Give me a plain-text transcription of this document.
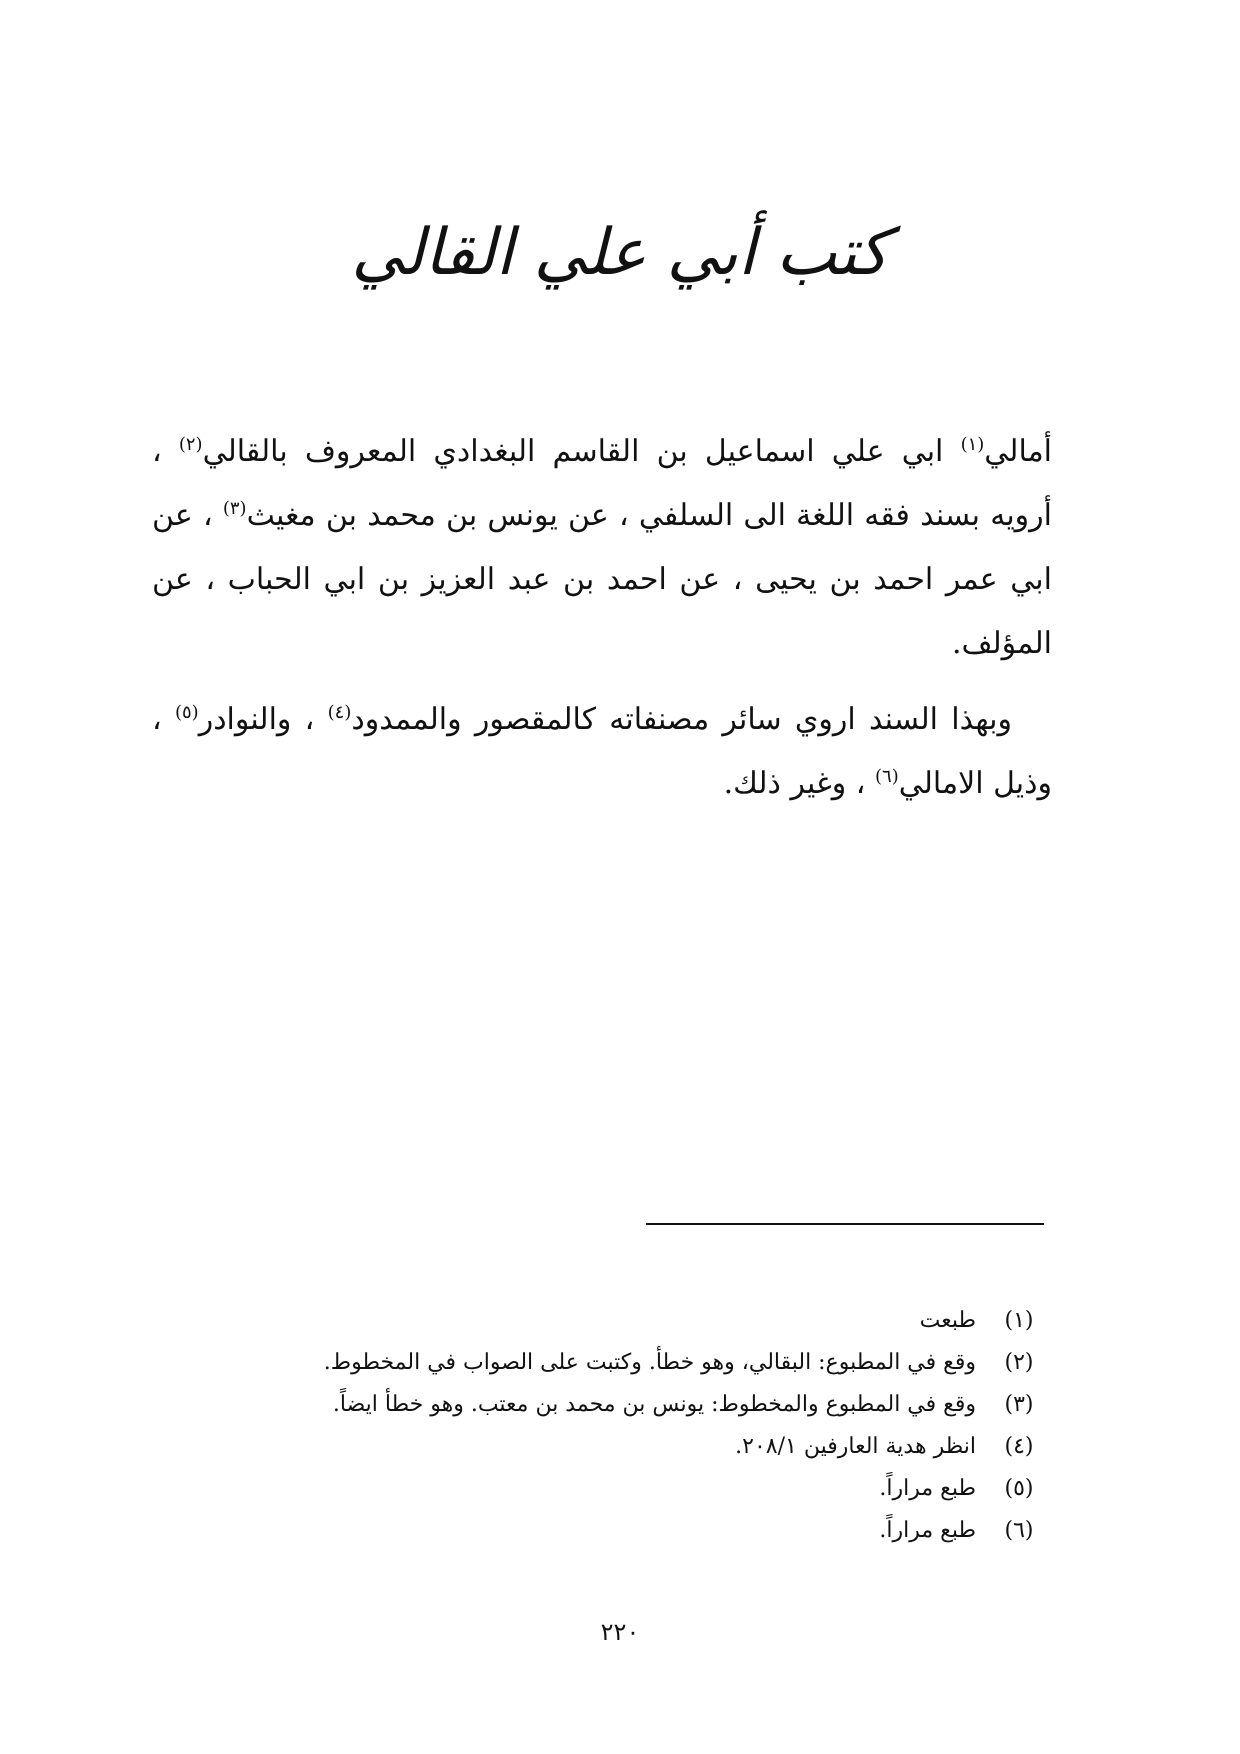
كتب أبي علي القالي

أمالي$^{(١)}$ ابي علي اسماعيل بن القاسم البغدادي المعروف بالقالي$^{(٢)}$ ، أرويه بسند فقه اللغة الى السلفي ، عن يونس بن محمد بن مغيث$^{(٣)}$ ، عن ابي عمر احمد بن يحيى ، عن احمد بن عبد العزيز بن ابي الحباب ، عن المؤلف.

وبهذا السند اروي سائر مصنفاته كالمقصور والممدود$^{(٤)}$ ، والنوادر$^{(٥)}$ ، وذيل الامالي$^{(٦)}$ ، وغير ذلك.

(١)
طبعت
(٢)
وقع في المطبوع: البقالي، وهو خطأ. وكتبت على الصواب في المخطوط.
(٣)
وقع في المطبوع والمخطوط: يونس بن محمد بن معتب. وهو خطأ ايضاً.
(٤)
انظر هدية العارفين ٢٠٨/١.
(٥)
طبع مراراً.
(٦)
طبع مراراً.
٢٢٠
